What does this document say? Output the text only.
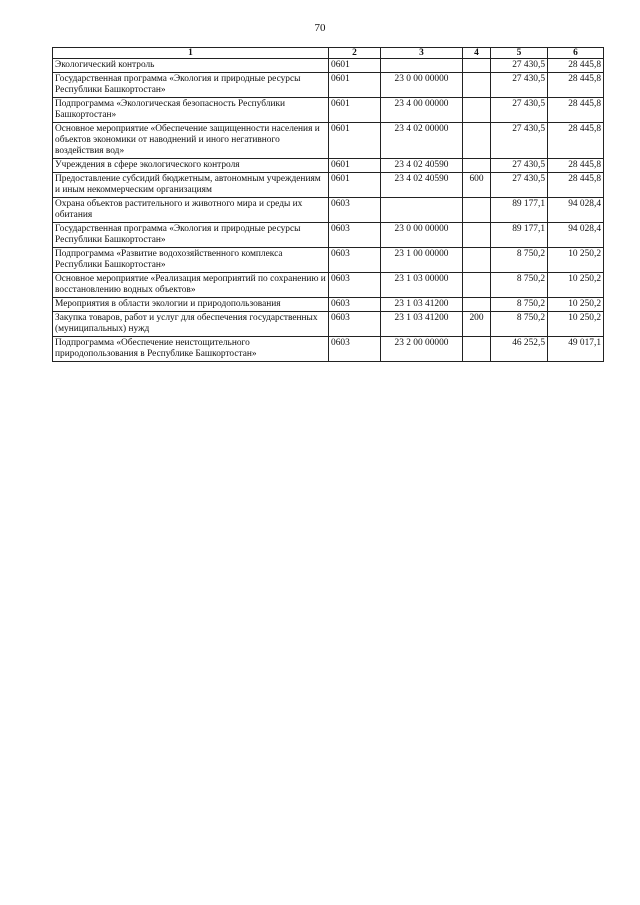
70
1	2	3	4	5	6
Экологический контроль	0601			27 430,5	28 445,8
Государственная программа «Экология и природные ресурсы Республики Башкортостан»	0601	23 0 00 00000		27 430,5	28 445,8
Подпрограмма «Экологическая безопасность Республики Башкортостан»	0601	23 4 00 00000		27 430,5	28 445,8
Основное мероприятие «Обеспечение защищенности населения и объектов экономики от наводнений и иного негативного воздействия вод»	0601	23 4 02 00000		27 430,5	28 445,8
Учреждения в сфере экологического контроля	0601	23 4 02 40590		27 430,5	28 445,8
Предоставление субсидий бюджетным, автономным учреждениям и иным некоммерческим организациям	0601	23 4 02 40590	600	27 430,5	28 445,8
Охрана объектов растительного и животного мира и среды их обитания	0603			89 177,1	94 028,4
Государственная программа «Экология и природные ресурсы Республики Башкортостан»	0603	23 0 00 00000		89 177,1	94 028,4
Подпрограмма «Развитие водохозяйственного комплекса Республики Башкортостан»	0603	23 1 00 00000		8 750,2	10 250,2
Основное мероприятие «Реализация мероприятий по сохранению и восстановлению водных объектов»	0603	23 1 03 00000		8 750,2	10 250,2
Мероприятия в области экологии и природопользования	0603	23 1 03 41200		8 750,2	10 250,2
Закупка товаров, работ и услуг для обеспечения государственных (муниципальных) нужд	0603	23 1 03 41200	200	8 750,2	10 250,2
Подпрограмма «Обеспечение неистощительного природопользования в Республике Башкортостан»	0603	23 2 00 00000		46 252,5	49 017,1
